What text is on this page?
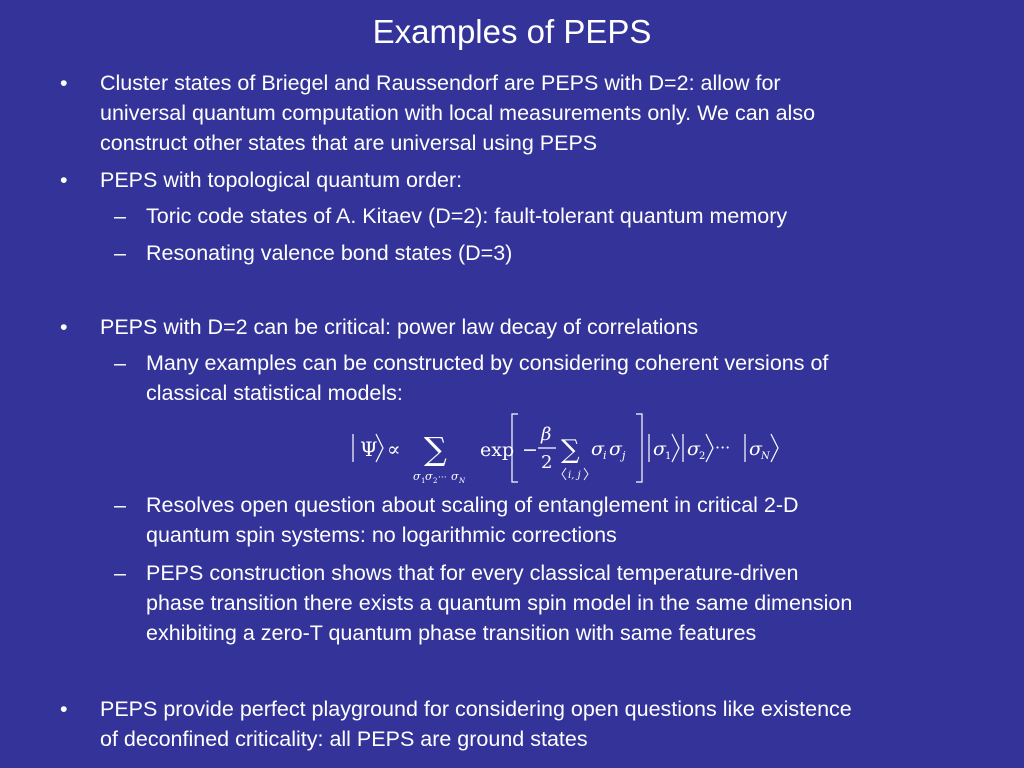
Examples of PEPS
• Cluster states of Briegel and Raussendorf are PEPS with D=2: allow for
universal quantum computation with local measurements only. We can also
construct other states that are universal using PEPS
• PEPS with topological quantum order:
– Toric code states of A. Kitaev (D=2): fault-tolerant quantum memory
– Resonating valence bond states (D=3)
• PEPS with D=2 can be critical: power law decay of correlations
– Many examples can be constructed by considering coherent versions of
classical statistical models:
Ψ ∝ ∑
σ 1 σ 2 ··· σ N
exp −
β
2 ∑
i, j
σ i σ j σ 1 σ 2 ··· σ N
– Resolves open question about scaling of entanglement in critical 2-D
quantum spin systems: no logarithmic corrections
– PEPS construction shows that for every classical temperature-driven
phase transition there exists a quantum spin model in the same dimension
exhibiting a zero-T quantum phase transition with same features
• PEPS provide perfect playground for considering open questions like existence
of deconfined criticality: all PEPS are ground states
